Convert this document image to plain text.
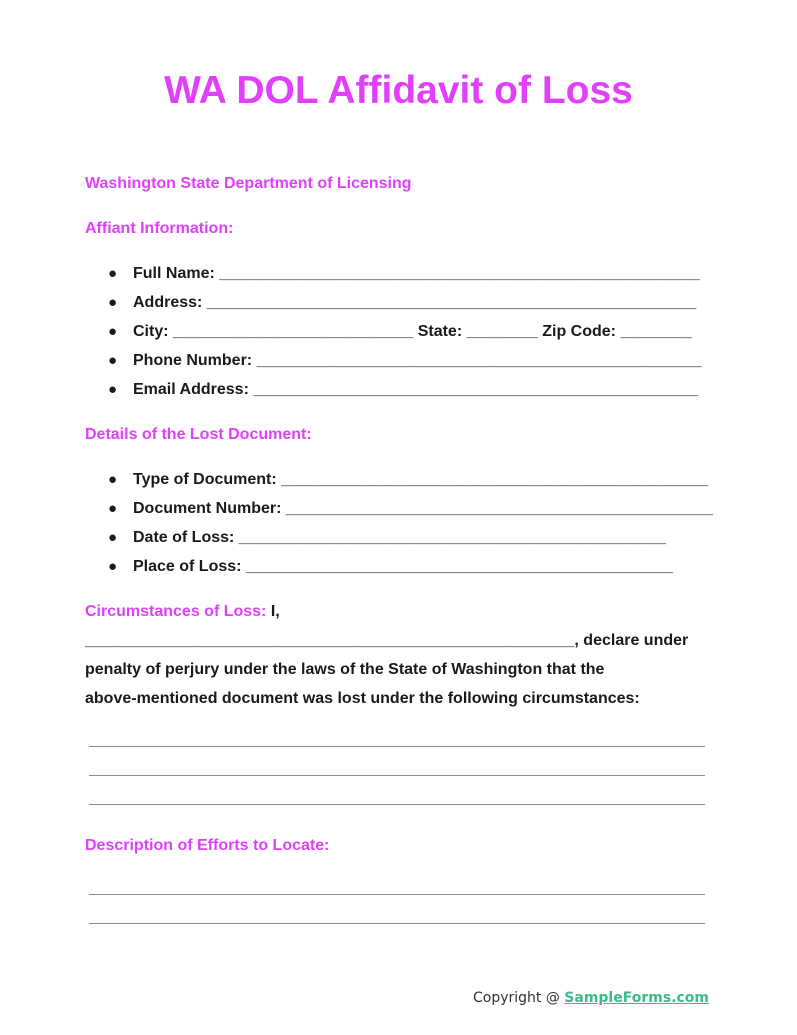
WA DOL Affidavit of Loss

Washington State Department of Licensing

Affiant Information:

● Full Name: ______________________________________________________
● Address: _______________________________________________________
● City: ___________________________ State: ________ Zip Code: ________
● Phone Number: __________________________________________________
● Email Address: __________________________________________________

Details of the Lost Document:

● Type of Document: ________________________________________________
● Document Number: ________________________________________________
● Date of Loss: ________________________________________________
● Place of Loss: ________________________________________________
Circumstances of Loss: I,
_______________________________________________________, declare under
penalty of perjury under the laws of the State of Washington that the
above-mentioned document was lost under the following circumstances:

Description of Efforts to Locate:

Copyright @ SampleForms.com
